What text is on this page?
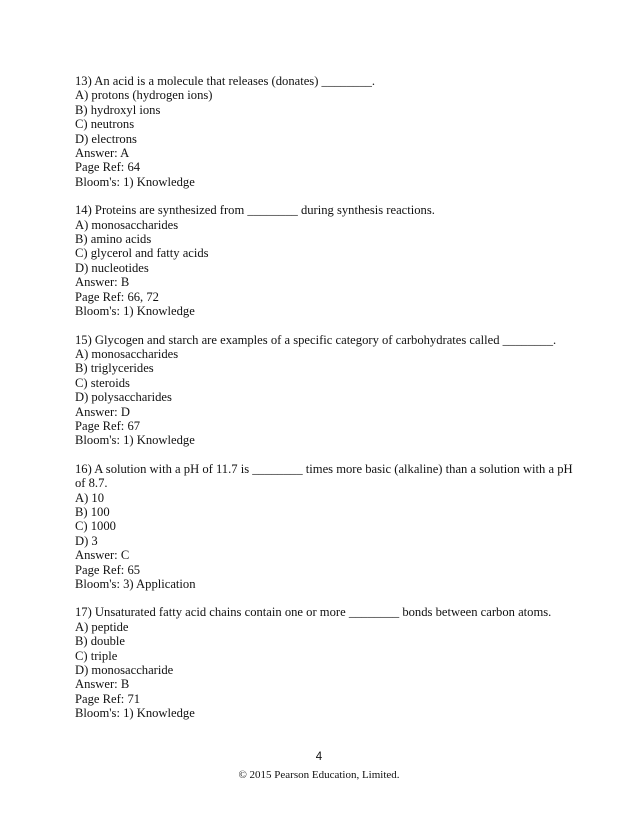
13) An acid is a molecule that releases (donates) ________.
A) protons (hydrogen ions)
B) hydroxyl ions
C) neutrons
D) electrons
Answer: A
Page Ref: 64
Bloom's: 1) Knowledge
14) Proteins are synthesized from ________ during synthesis reactions.
A) monosaccharides
B) amino acids
C) glycerol and fatty acids
D) nucleotides
Answer: B
Page Ref: 66, 72
Bloom's: 1) Knowledge
15) Glycogen and starch are examples of a specific category of carbohydrates called ________.
A) monosaccharides
B) triglycerides
C) steroids
D) polysaccharides
Answer: D
Page Ref: 67
Bloom's: 1) Knowledge
16) A solution with a pH of 11.7 is ________ times more basic (alkaline) than a solution with a pH of 8.7.
A) 10
B) 100
C) 1000
D) 3
Answer: C
Page Ref: 65
Bloom's: 3) Application
17) Unsaturated fatty acid chains contain one or more ________ bonds between carbon atoms.
A) peptide
B) double
C) triple
D) monosaccharide
Answer: B
Page Ref: 71
Bloom's: 1) Knowledge
4
© 2015 Pearson Education, Limited.
